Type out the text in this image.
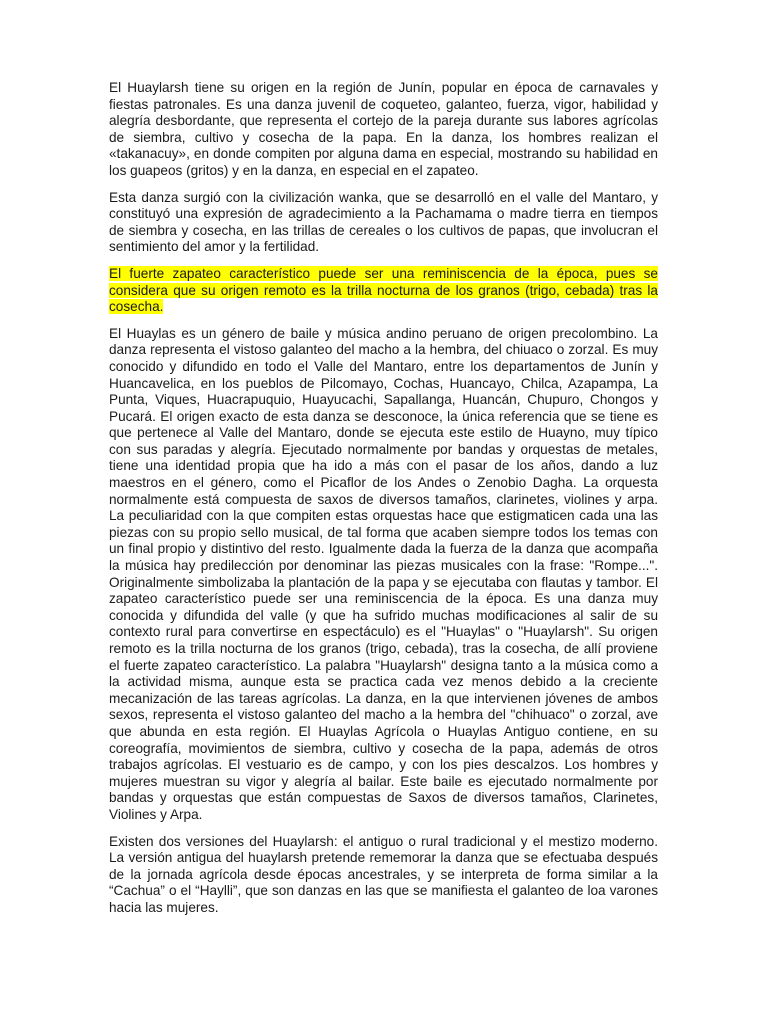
El Huaylarsh tiene su origen en la región de Junín, popular en época de carnavales y fiestas patronales. Es una danza juvenil de coqueteo, galanteo, fuerza, vigor, habilidad y alegría desbordante, que representa el cortejo de la pareja durante sus labores agrícolas de siembra, cultivo y cosecha de la papa. En la danza, los hombres realizan el «takanacuy», en donde compiten por alguna dama en especial, mostrando su habilidad en los guapeos (gritos) y en la danza, en especial en el zapateo.

Esta danza surgió con la civilización wanka, que se desarrolló en el valle del Mantaro, y constituyó una expresión de agradecimiento a la Pachamama o madre tierra en tiempos de siembra y cosecha, en las trillas de cereales o los cultivos de papas, que involucran el sentimiento del amor y la fertilidad.

El fuerte zapateo característico puede ser una reminiscencia de la época, pues se considera que su origen remoto es la trilla nocturna de los granos (trigo, cebada) tras la cosecha.

El Huaylas es un género de baile y música andino peruano de origen precolombino. La danza representa el vistoso galanteo del macho a la hembra, del chiuaco o zorzal. Es muy conocido y difundido en todo el Valle del Mantaro, entre los departamentos de Junín y Huancavelica, en los pueblos de Pilcomayo, Cochas, Huancayo, Chilca, Azapampa, La Punta, Viques, Huacrapuquio, Huayucachi, Sapallanga, Huancán, Chupuro, Chongos y Pucará. El origen exacto de esta danza se desconoce, la única referencia que se tiene es que pertenece al Valle del Mantaro, donde se ejecuta este estilo de Huayno, muy típico con sus paradas y alegría. Ejecutado normalmente por bandas y orquestas de metales, tiene una identidad propia que ha ido a más con el pasar de los años, dando a luz maestros en el género, como el Picaflor de los Andes o Zenobio Dagha. La orquesta normalmente está compuesta de saxos de diversos tamaños, clarinetes, violines y arpa. La peculiaridad con la que compiten estas orquestas hace que estigmaticen cada una las piezas con su propio sello musical, de tal forma que acaben siempre todos los temas con un final propio y distintivo del resto. Igualmente dada la fuerza de la danza que acompaña la música hay predilección por denominar las piezas musicales con la frase: "Rompe...". Originalmente simbolizaba la plantación de la papa y se ejecutaba con flautas y tambor. El zapateo característico puede ser una reminiscencia de la época. Es una danza muy conocida y difundida del valle (y que ha sufrido muchas modificaciones al salir de su contexto rural para convertirse en espectáculo) es el "Huaylas" o "Huaylarsh". Su origen remoto es la trilla nocturna de los granos (trigo, cebada), tras la cosecha, de allí proviene el fuerte zapateo característico. La palabra "Huaylarsh" designa tanto a la música como a la actividad misma, aunque esta se practica cada vez menos debido a la creciente mecanización de las tareas agrícolas. La danza, en la que intervienen jóvenes de ambos sexos, representa el vistoso galanteo del macho a la hembra del "chihuaco" o zorzal, ave que abunda en esta región. El Huaylas Agrícola o Huaylas Antiguo contiene, en su coreografía, movimientos de siembra, cultivo y cosecha de la papa, además de otros trabajos agrícolas. El vestuario es de campo, y con los pies descalzos. Los hombres y mujeres muestran su vigor y alegría al bailar. Este baile es ejecutado normalmente por bandas y orquestas que están compuestas de Saxos de diversos tamaños, Clarinetes, Violines y Arpa.

Existen dos versiones del Huaylarsh: el antiguo o rural tradicional y el mestizo moderno. La versión antigua del huaylarsh pretende rememorar la danza que se efectuaba después de la jornada agrícola desde épocas ancestrales, y se interpreta de forma similar a la “Cachua” o el “Haylli”, que son danzas en las que se manifiesta el galanteo de loa varones hacia las mujeres.
